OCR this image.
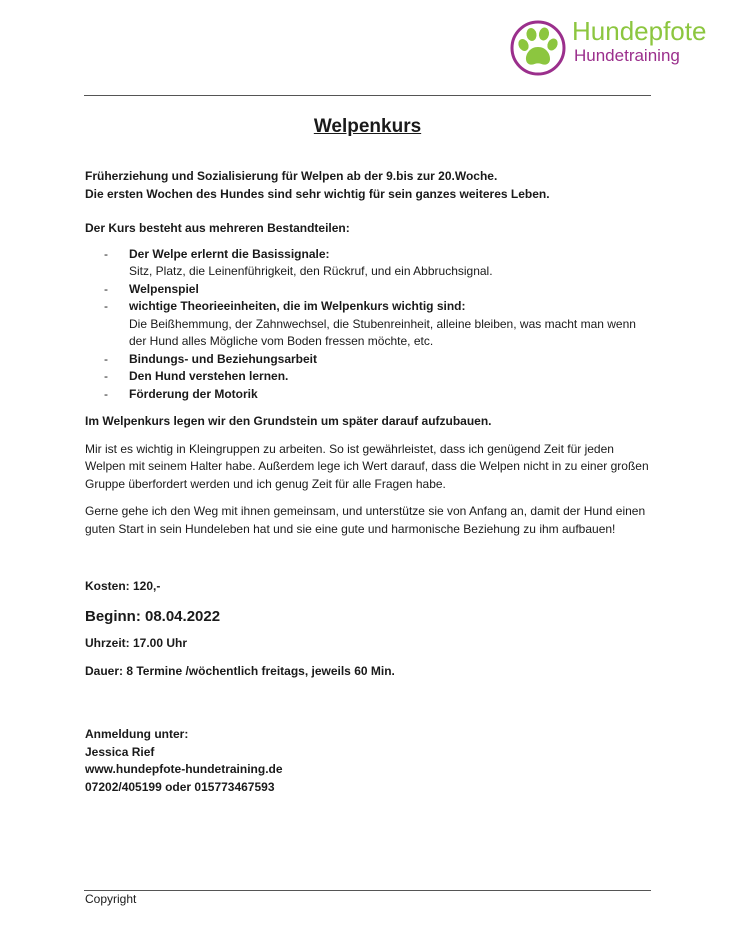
Hundepfote
Hundetraining
Welpenkurs

Früherziehung und Sozialisierung für Welpen ab der 9.bis zur 20.Woche.

Die ersten Wochen des Hundes sind sehr wichtig für sein ganzes weiteres Leben.

Der Kurs besteht aus mehreren Bestandteilen:

- Der Welpe erlernt die Basissignale:
Sitz, Platz, die Leinenführigkeit, den Rückruf, und ein Abbruchsignal.
- Welpenspiel
- wichtige Theorieeinheiten, die im Welpenkurs wichtig sind:
Die Beißhemmung, der Zahnwechsel, die Stubenreinheit, alleine bleiben, was macht man wenn der Hund alles Mögliche vom Boden fressen möchte, etc.
- Bindungs- und Beziehungsarbeit
- Den Hund verstehen lernen.
- Förderung der Motorik

Im Welpenkurs legen wir den Grundstein um später darauf aufzubauen.

Mir ist es wichtig in Kleingruppen zu arbeiten. So ist gewährleistet, dass ich genügend Zeit für jeden Welpen mit seinem Halter habe. Außerdem lege ich Wert darauf, dass die Welpen nicht in zu einer großen Gruppe überfordert werden und ich genug Zeit für alle Fragen habe.

Gerne gehe ich den Weg mit ihnen gemeinsam, und unterstütze sie von Anfang an, damit der Hund einen guten Start in sein Hundeleben hat und sie eine gute und harmonische Beziehung zu ihm aufbauen!

Kosten: 120,-

Beginn: 08.04.2022

Uhrzeit: 17.00 Uhr

Dauer: 8 Termine /wöchentlich freitags, jeweils 60 Min.

Anmeldung unter:

Jessica Rief

www.hundepfote-hundetraining.de

07202/405199 oder 015773467593

Copyright
